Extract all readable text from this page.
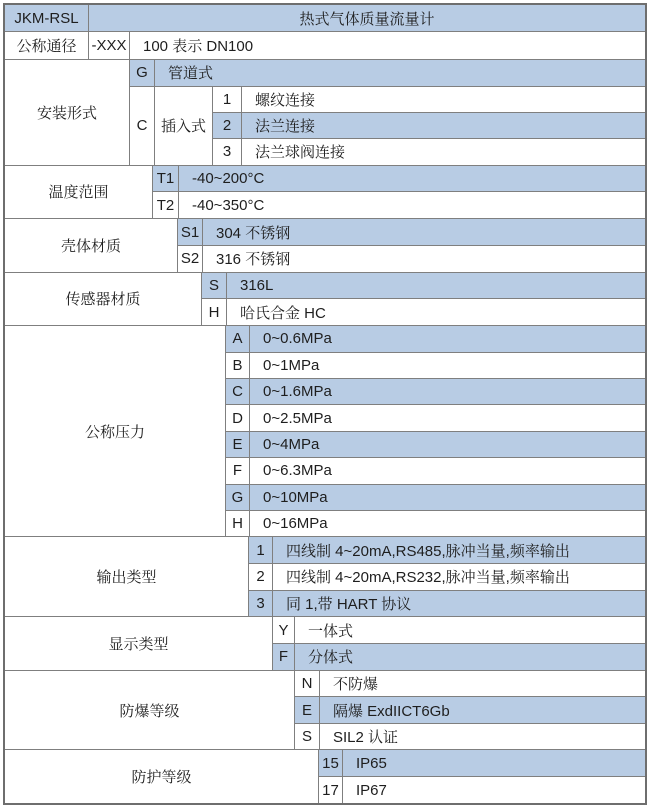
JKM-RSL	热式气体质量流量计
公称通径 -XXX	100 表示 DN100
安装形式
G	管道式
C 插入式
1	螺纹连接
2	法兰连接
3	法兰球阀连接
温度范围
T1	-40~200°C
T2	-40~350°C
壳体材质
S1	304 不锈钢
S2	316 不锈钢
传感器材质
S	316L
H	哈氏合金 HC
公称压力
A	0~0.6MPa
B	0~1MPa
C	0~1.6MPa
D	0~2.5MPa
E	0~4MPa
F	0~6.3MPa
G	0~10MPa
H	0~16MPa
输出类型
1	四线制 4~20mA,RS485,脉冲当量,频率输出
2	四线制 4~20mA,RS232,脉冲当量,频率输出
3	同 1,带 HART 协议
显示类型
Y	一体式
F	分体式
防爆等级
N	不防爆
E	隔爆 ExdIICT6Gb
S	SIL2 认证
防护等级
15	IP65
17	IP67
